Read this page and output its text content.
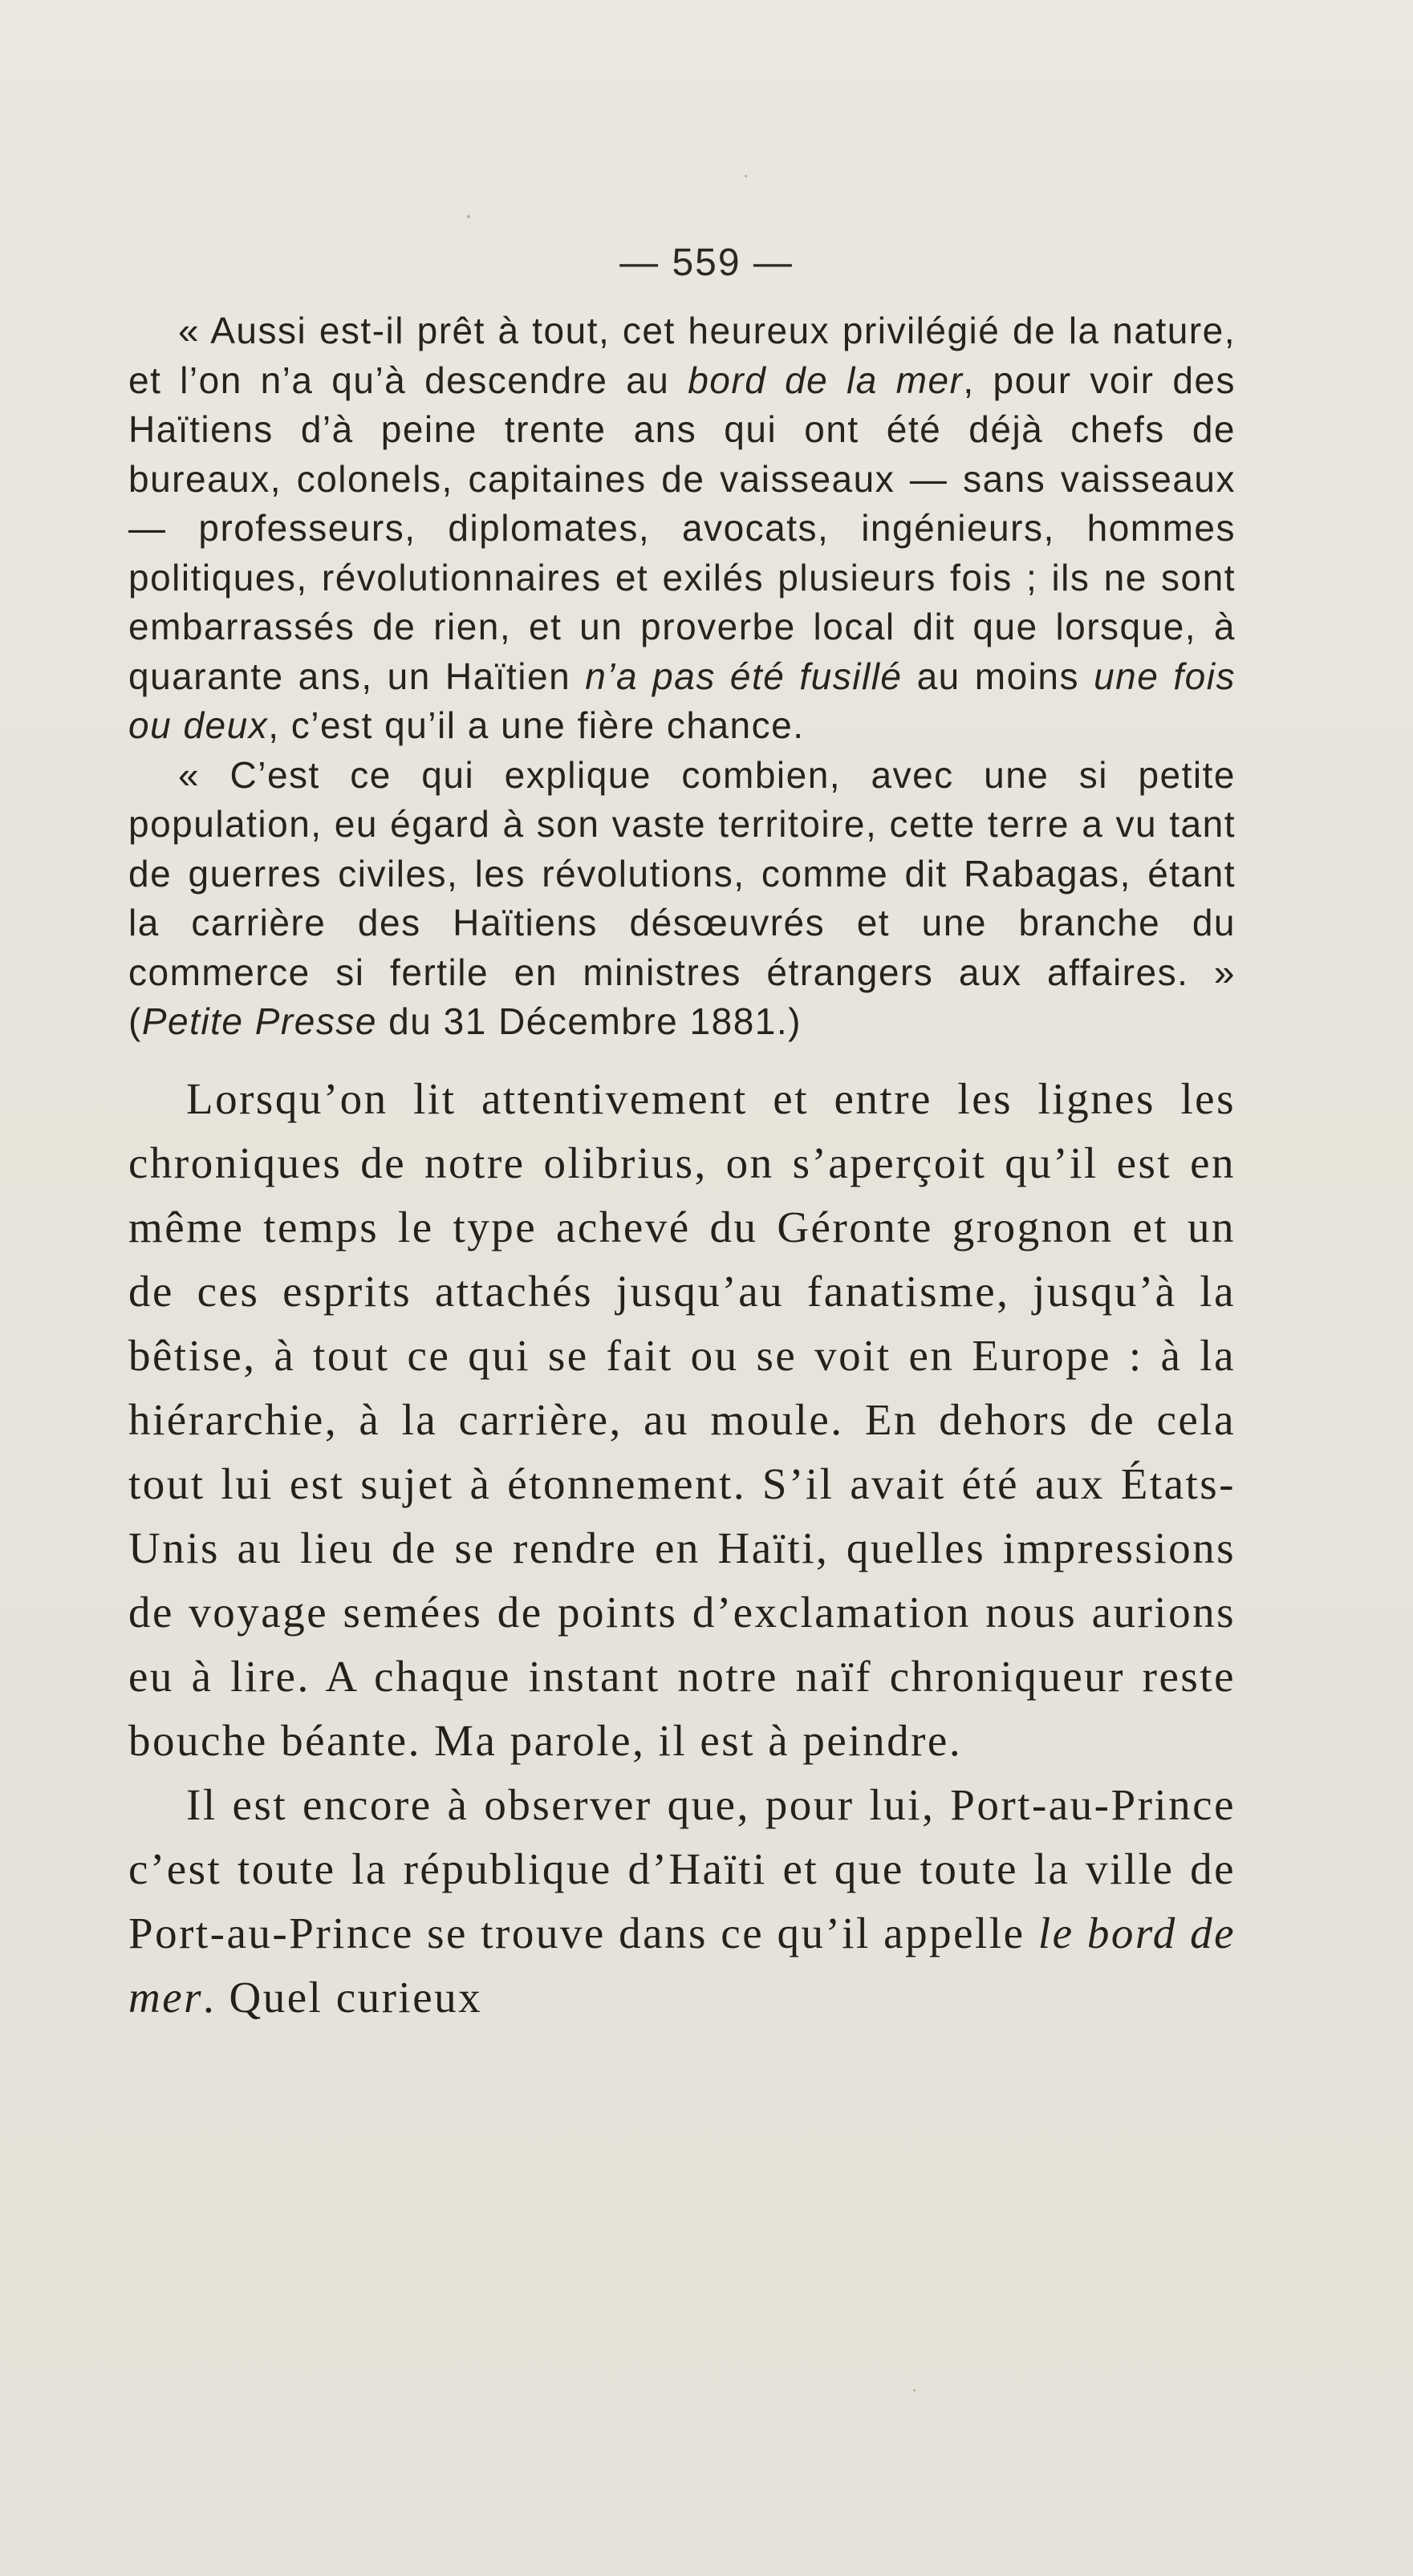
— 559 —

« Aussi est-il prêt à tout, cet heureux privilégié de la nature, et l’on n’a qu’à descendre au bord de la mer, pour voir des Haïtiens d’à peine trente ans qui ont été déjà chefs de bureaux, colonels, capitaines de vaisseaux — sans vaisseaux — professeurs, diplomates, avocats, ingénieurs, hommes politiques, révolutionnaires et exilés plusieurs fois ; ils ne sont embarrassés de rien, et un proverbe local dit que lorsque, à quarante ans, un Haïtien n’a pas été fusillé au moins une fois ou deux, c’est qu’il a une fière chance.

« C’est ce qui explique combien, avec une si petite population, eu égard à son vaste territoire, cette terre a vu tant de guerres civiles, les révolutions, comme dit Rabagas, étant la carrière des Haïtiens désœuvrés et une branche du commerce si fertile en ministres étrangers aux affaires. » (Petite Presse du 31 Décembre 1881.)

Lorsqu’on lit attentivement et entre les lignes les chroniques de notre olibrius, on s’aperçoit qu’il est en même temps le type achevé du Géronte grognon et un de ces esprits attachés jusqu’au fanatisme, jusqu’à la bêtise, à tout ce qui se fait ou se voit en Europe : à la hiérarchie, à la carrière, au moule. En dehors de cela tout lui est sujet à étonnement. S’il avait été aux États-Unis au lieu de se rendre en Haïti, quelles impressions de voyage semées de points d’exclamation nous aurions eu à lire. A chaque instant notre naïf chroniqueur reste bouche béante. Ma parole, il est à peindre.

Il est encore à observer que, pour lui, Port-au-Prince c’est toute la république d’Haïti et que toute la ville de Port-au-Prince se trouve dans ce qu’il appelle le bord de mer. Quel curieux
